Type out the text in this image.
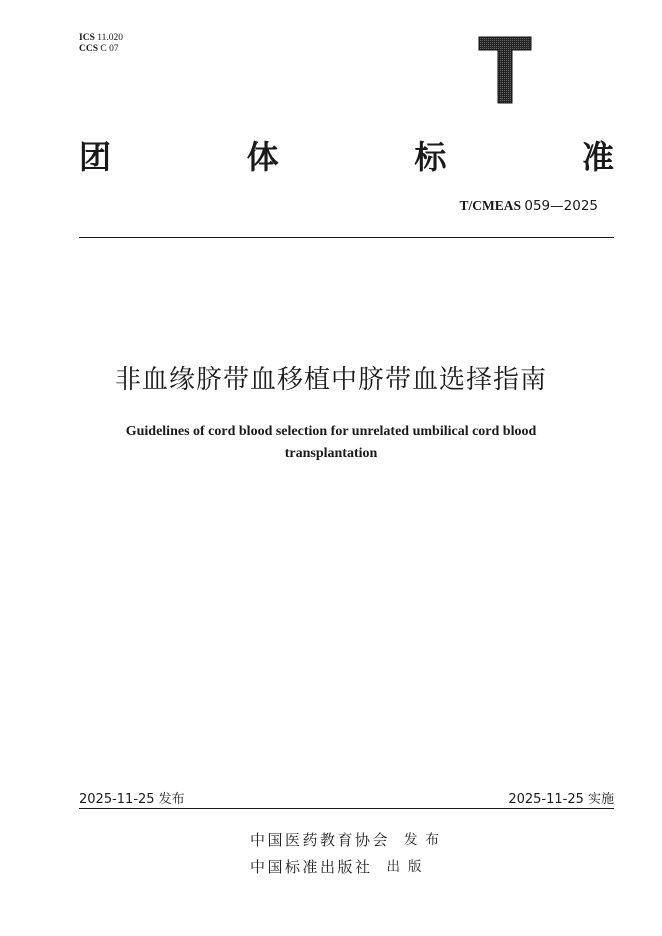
ICS 11.020
CCS C 07
团	体	标	准
T/CMEAS 059—2025
非血缘脐带血移植中脐带血选择指南
Guidelines of cord blood selection for unrelated umbilical cord blood transplantation
2025-11-25 发布	2025-11-25 实施
中国医药教育协会 发布
中国标准出版社 出版
